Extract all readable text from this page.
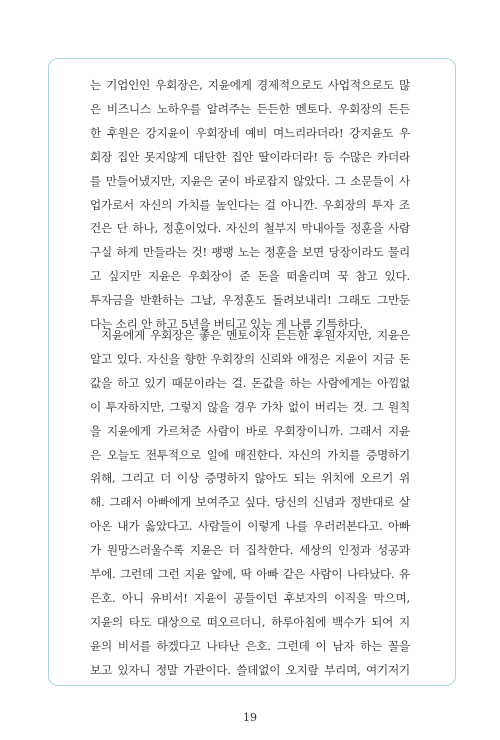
는 기업인인 우회장은, 지윤에게 경제적으로도 사업적으로도 많
은 비즈니스 노하우를 알려주는 든든한 멘토다. 우회장의 든든
한 후원은 강지윤이 우회장네 예비 며느리라더라! 강지윤도 우
회장 집안 못지않게 대단한 집안 딸이라더라! 등 수많은 카더라
를 만들어냈지만, 지윤은 굳이 바로잡지 않았다. 그 소문들이 사
업가로서 자신의 가치를 높인다는 걸 아니깐. 우회장의 투자 조
건은 단 하나, 정훈이었다. 자신의 철부지 막내아들 정훈을 사람
구실 하게 만들라는 것! 팽팽 노는 정훈을 보면 당장이라도 물리
고 싶지만 지윤은 우회장이 준 돈을 떠올리며 꾹 참고 있다.
투자금을 반환하는 그날, 우정훈도 돌려보내리! 그래도 그만둔
다는 소리 안 하고 5년을 버티고 있는 게 나름 기특하다.
지윤에게 우회장은 좋은 멘토이자 든든한 후원자지만, 지윤은
알고 있다. 자신을 향한 우회장의 신뢰와 애정은 지윤이 지금 돈
값을 하고 있기 때문이라는 걸. 돈값을 하는 사람에게는 아낌없
이 투자하지만, 그렇지 않을 경우 가차 없이 버리는 것. 그 원칙
을 지윤에게 가르쳐준 사람이 바로 우회장이니까. 그래서 지윤
은 오늘도 전투적으로 일에 매진한다. 자신의 가치를 증명하기
위해, 그리고 더 이상 증명하지 않아도 되는 위치에 오르기 위
해. 그래서 아빠에게 보여주고 싶다. 당신의 신념과 정반대로 살
아온 내가 옳았다고. 사람들이 이렇게 나를 우러러본다고. 아빠
가 원망스러울수록 지윤은 더 집착한다. 세상의 인정과 성공과
부에. 그런데 그런 지윤 앞에, 딱 아빠 같은 사람이 나타났다. 유
은호. 아니 유비서! 지윤이 공들이던 후보자의 이직을 막으며,
지윤의 타도 대상으로 떠오르더니, 하루아침에 백수가 되어 지
윤의 비서를 하겠다고 나타난 은호. 그런데 이 남자 하는 꼴을
보고 있자니 정말 가관이다. 쓸데없이 오지랖 부리며, 여기저기
19
